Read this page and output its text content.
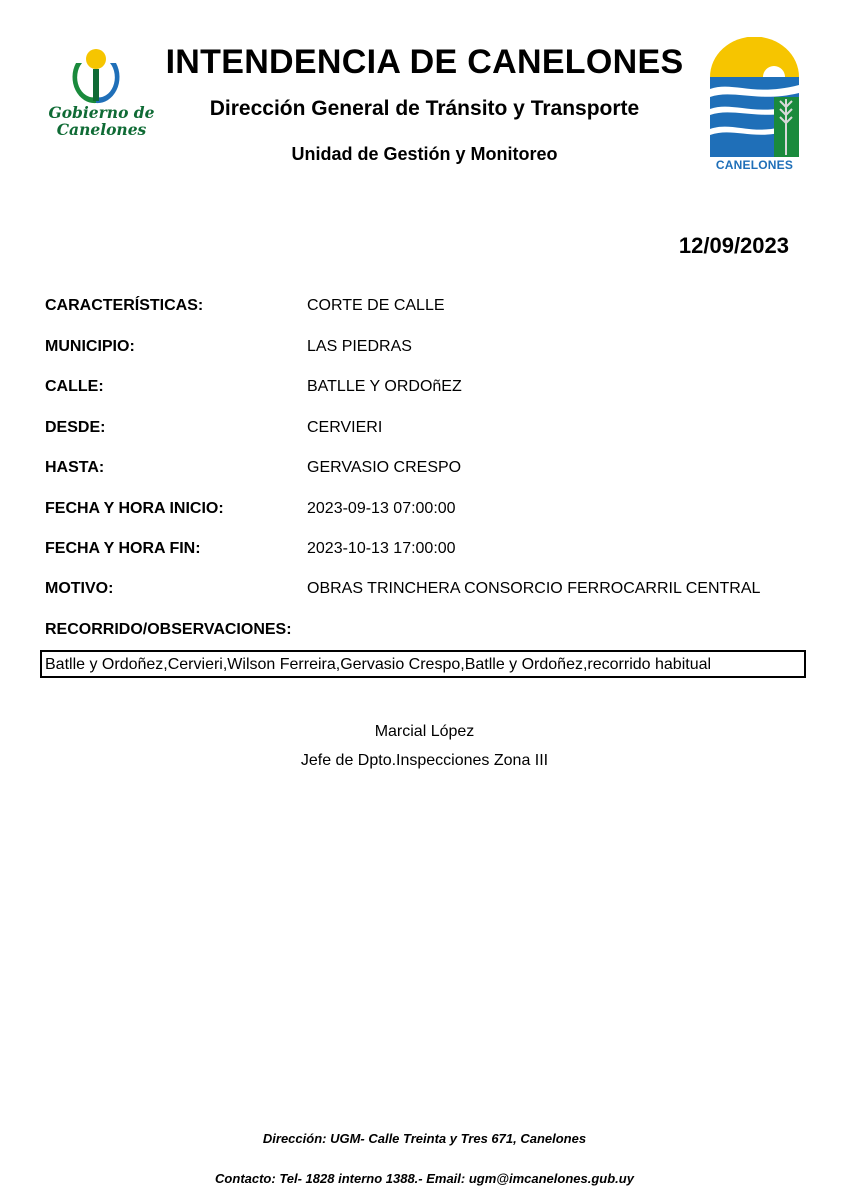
Gobierno de
Canelones
INTENDENCIA DE CANELONES
Dirección General de Tránsito y Transporte
Unidad de Gestión y Monitoreo
CANELONES
12/09/2023
CARACTERÍSTICAS:	CORTE DE CALLE
MUNICIPIO:	LAS PIEDRAS
CALLE:	BATLLE Y ORDOñEZ
DESDE:	CERVIERI
HASTA:	GERVASIO CRESPO
FECHA Y HORA INICIO:	2023-09-13 07:00:00
FECHA Y HORA FIN:	2023-10-13 17:00:00
MOTIVO:	OBRAS TRINCHERA CONSORCIO FERROCARRIL CENTRAL
RECORRIDO/OBSERVACIONES:
Batlle y Ordoñez,Cervieri,Wilson Ferreira,Gervasio Crespo,Batlle y Ordoñez,recorrido habitual
Marcial López
Jefe de Dpto.Inspecciones Zona III
Dirección: UGM- Calle Treinta y Tres 671, Canelones
Contacto: Tel- 1828 interno 1388.- Email: ugm@imcanelones.gub.uy
